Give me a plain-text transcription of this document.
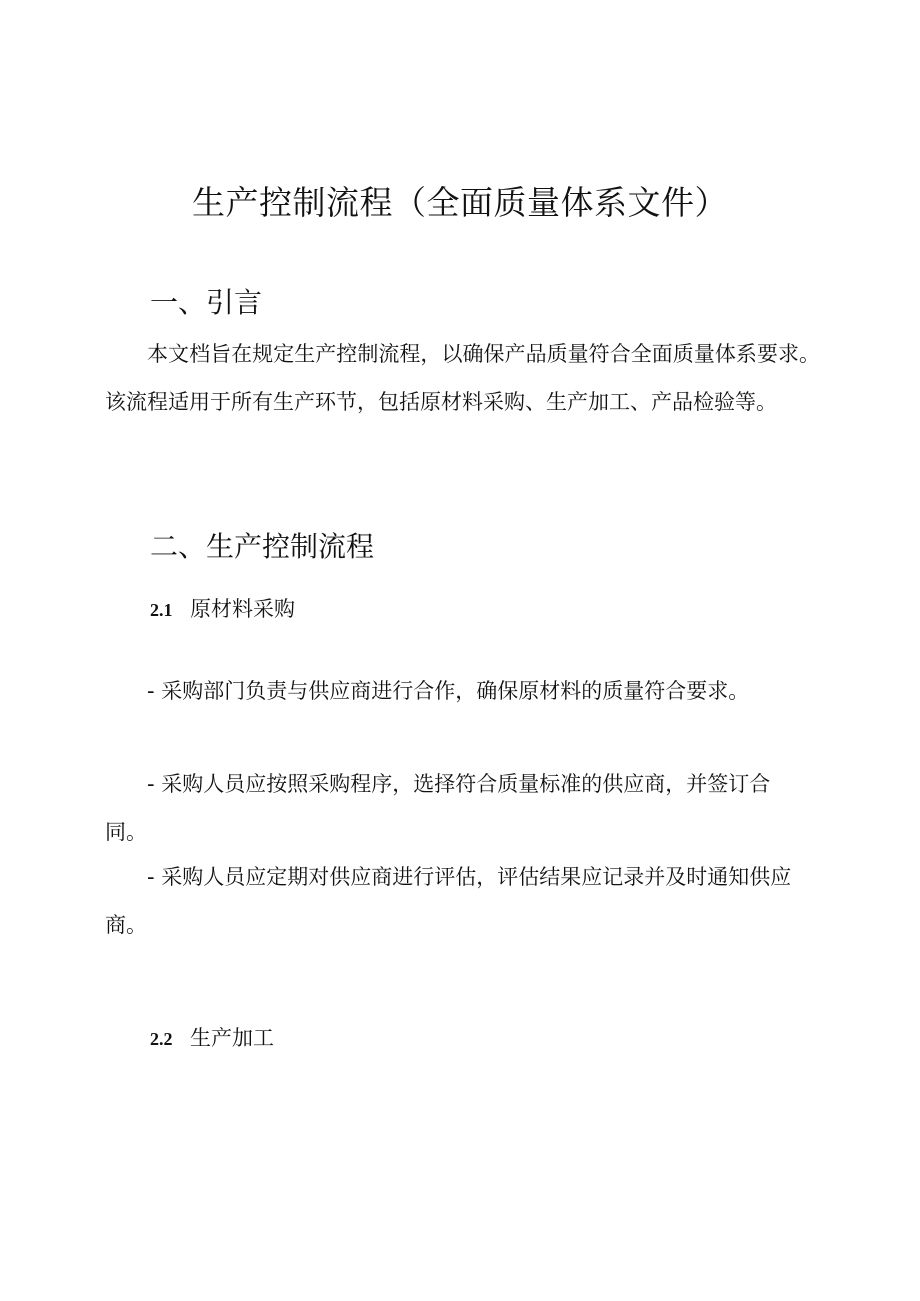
生产控制流程（全面质量体系文件）
一、引言

本文档旨在规定生产控制流程，以确保产品质量符合全面质量体系要求。该流程适用于所有生产环节，包括原材料采购、生产加工、产品检验等。

二、生产控制流程
2.1 原材料采购

- 采购部门负责与供应商进行合作，确保原材料的质量符合要求。

- 采购人员应按照采购程序，选择符合质量标准的供应商，并签订合同。

- 采购人员应定期对供应商进行评估，评估结果应记录并及时通知供应商。

2.2 生产加工
